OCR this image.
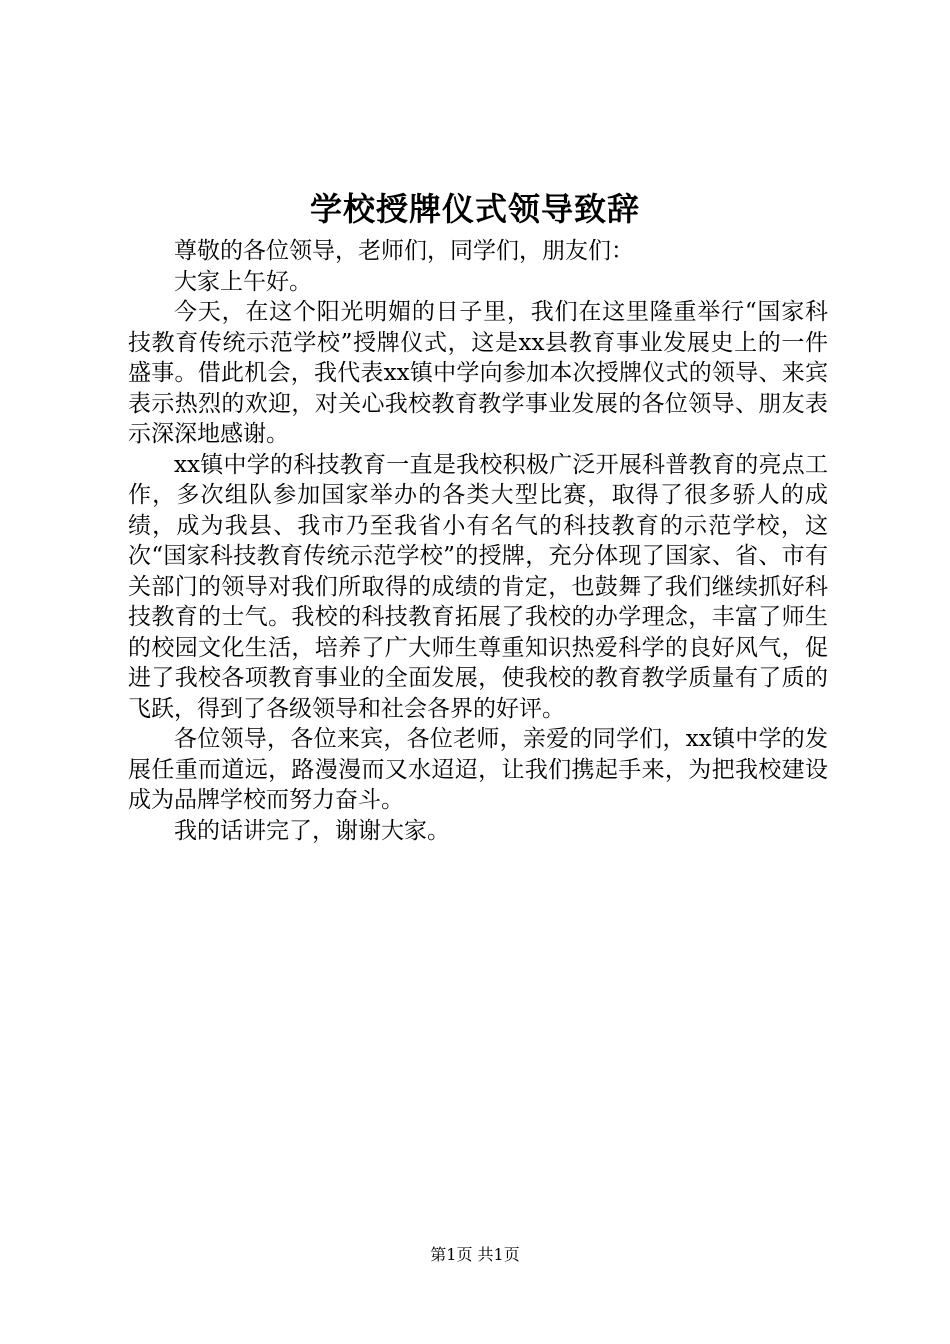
学校授牌仪式领导致辞

尊敬的各位领导，老师们，同学们，朋友们：

大家上午好。

今天，在这个阳光明媚的日子里，我们在这里隆重举行“国家科技教育传统示范学校”授牌仪式，这是xx县教育事业发展史上的一件盛事。借此机会，我代表xx镇中学向参加本次授牌仪式的领导、来宾表示热烈的欢迎，对关心我校教育教学事业发展的各位领导、朋友表示深深地感谢。

xx镇中学的科技教育一直是我校积极广泛开展科普教育的亮点工作，多次组队参加国家举办的各类大型比赛，取得了很多骄人的成绩，成为我县、我市乃至我省小有名气的科技教育的示范学校，这次“国家科技教育传统示范学校”的授牌，充分体现了国家、省、市有关部门的领导对我们所取得的成绩的肯定，也鼓舞了我们继续抓好科技教育的士气。我校的科技教育拓展了我校的办学理念，丰富了师生的校园文化生活，培养了广大师生尊重知识热爱科学的良好风气，促进了我校各项教育事业的全面发展，使我校的教育教学质量有了质的飞跃，得到了各级领导和社会各界的好评。

各位领导，各位来宾，各位老师，亲爱的同学们，xx镇中学的发展任重而道远，路漫漫而又水迢迢，让我们携起手来，为把我校建设成为品牌学校而努力奋斗。

我的话讲完了，谢谢大家。

第1页 共1页
